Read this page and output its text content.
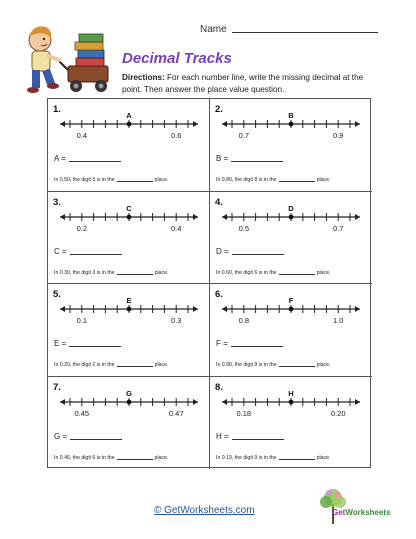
Name
Decimal Tracks
Directions: For each number line, write the missing decimal at the point. Then answer the place value question.
1.
0.4	0.6
A
A =
In 0.50, the digit 5 is in the	place.
2.
0.7	0.9
B
B =
In 0.80, the digit 8 is in the	place.
3.
0.2	0.4
C
C =
In 0.30, the digit 3 is in the	place.
4.
0.5	0.7
D
D =
In 0.60, the digit 6 is in the	place.
5.
0.1	0.3
E
E =
In 0.20, the digit 2 is in the	place.
6.
0.8	1.0
F
F =
In 0.90, the digit 9 is in the	place.
7.
0.45	0.47
G
G =
In 0.46, the digit 6 is in the	place.
8.
0.18	0.20
H
H =
In 0.19, the digit 9 is in the	place.
© GetWorksheets.com	GetWorksheets
